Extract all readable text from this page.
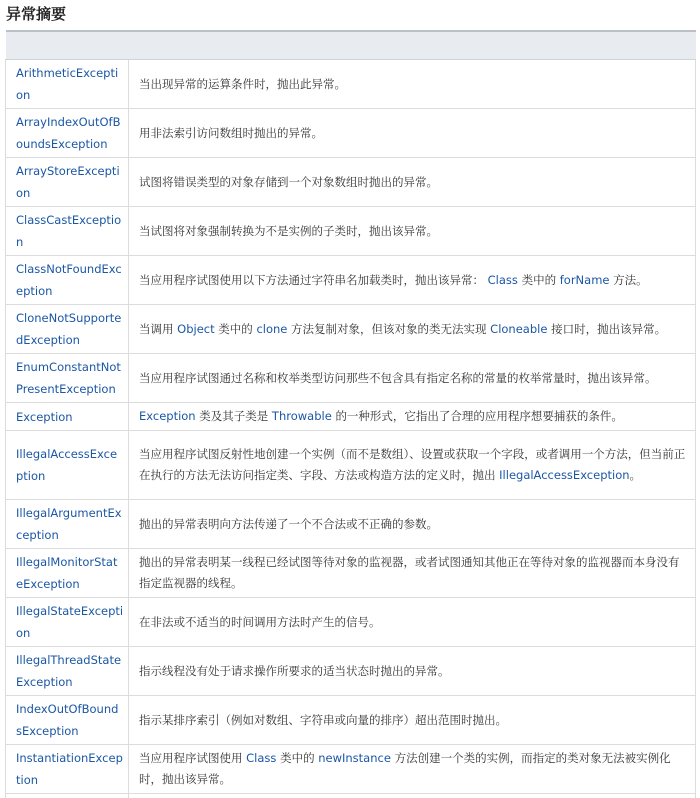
异常摘要

ArithmeticException	当出现异常的运算条件时，抛出此异常。
ArrayIndexOutOfBoundsException	用非法索引访问数组时抛出的异常。
ArrayStoreException	试图将错误类型的对象存储到一个对象数组时抛出的异常。
ClassCastException	当试图将对象强制转换为不是实例的子类时，抛出该异常。
ClassNotFoundException	当应用程序试图使用以下方法通过字符串名加载类时，抛出该异常： Class 类中的 forName 方法。
CloneNotSupportedException	当调用 Object 类中的 clone 方法复制对象，但该对象的类无法实现 Cloneable 接口时，抛出该异常。
EnumConstantNotPresentException	当应用程序试图通过名称和枚举类型访问那些不包含具有指定名称的常量的枚举常量时，抛出该异常。
Exception	Exception 类及其子类是 Throwable 的一种形式，它指出了合理的应用程序想要捕获的条件。
IllegalAccessException	当应用程序试图反射性地创建一个实例（而不是数组）、设置或获取一个字段，或者调用一个方法，但当前正在执行的方法无法访问指定类、字段、方法或构造方法的定义时，抛出 IllegalAccessException。
IllegalArgumentException	抛出的异常表明向方法传递了一个不合法或不正确的参数。
IllegalMonitorStateException	抛出的异常表明某一线程已经试图等待对象的监视器，或者试图通知其他正在等待对象的监视器而本身没有指定监视器的线程。
IllegalStateException	在非法或不适当的时间调用方法时产生的信号。
IllegalThreadStateException	指示线程没有处于请求操作所要求的适当状态时抛出的异常。
IndexOutOfBoundsException	指示某排序索引（例如对数组、字符串或向量的排序）超出范围时抛出。
InstantiationException	当应用程序试图使用 Class 类中的 newInstance 方法创建一个类的实例，而指定的类对象无法被实例化时，抛出该异常。
